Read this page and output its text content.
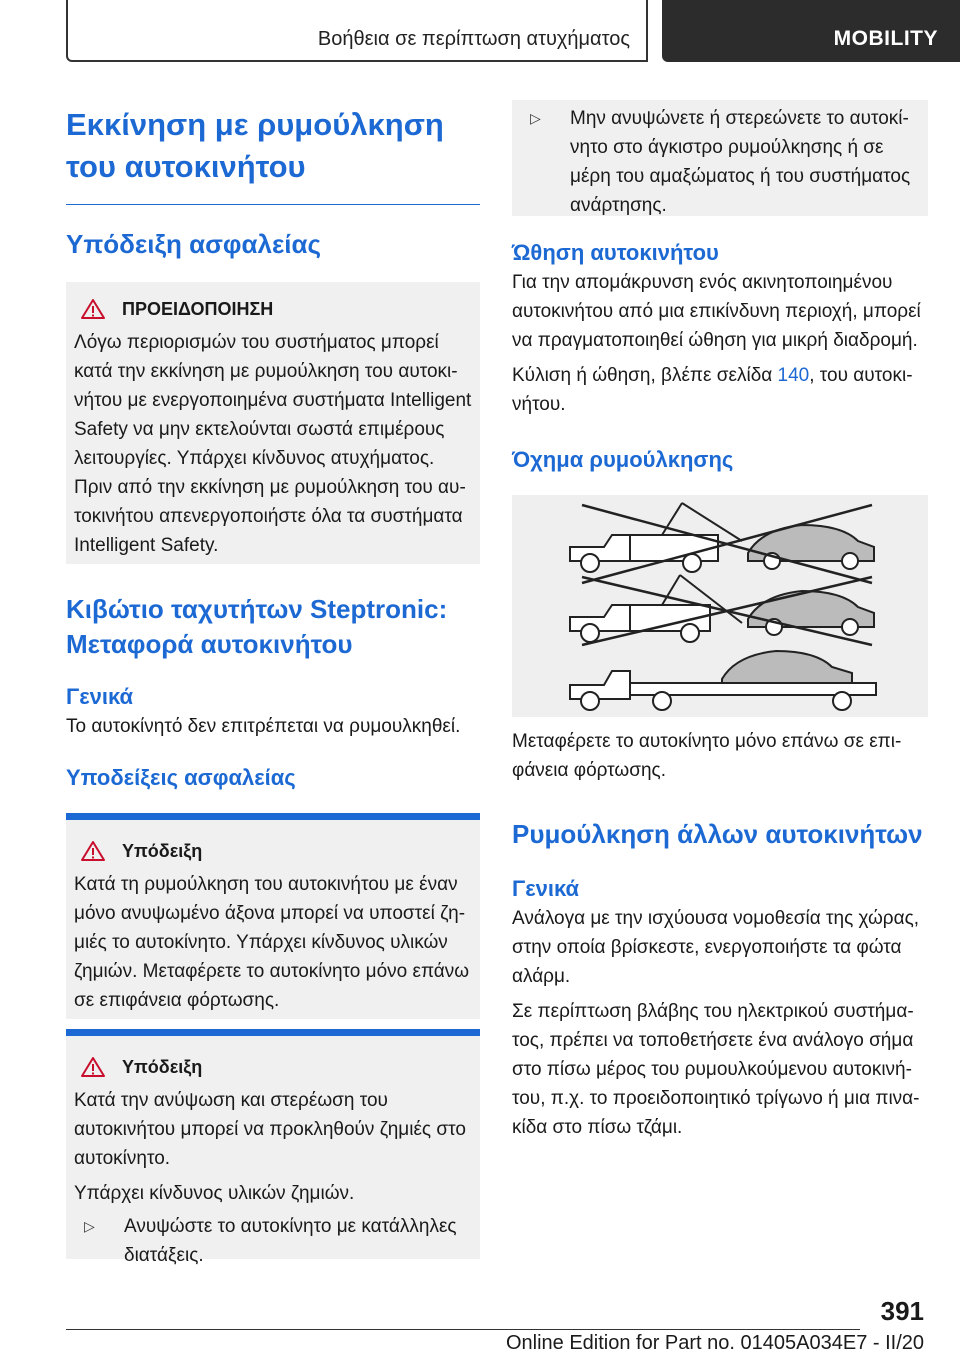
Βοήθεια σε περίπτωση ατυχήματος	MOBILITY
Εκκίνηση με ρυμούλκηση του αυτοκινήτου
Υπόδειξη ασφαλείας
ΠΡΟΕΙΔΟΠΟΙΗΣΗ

Λόγω περιορισμών του συστήματος μπορεί κατά την εκκίνηση με ρυμούλκηση του αυτοκινήτου με ενεργοποιημένα συστήματα Intelligent Safety να μην εκτελούνται σωστά επιμέρους λειτουργίες. Υπάρχει κίνδυνος ατυχήματος.

Πριν από την εκκίνηση με ρυμούλκηση του αυτοκινήτου απενεργοποιήστε όλα τα συστήματα Intelligent Safety.

Κιβώτιο ταχυτήτων Steptronic: Μεταφορά αυτοκινήτου
Γενικά

Το αυτοκίνητό δεν επιτρέπεται να ρυμουλκηθεί.

Υποδείξεις ασφαλείας
Υπόδειξη

Κατά τη ρυμούλκηση του αυτοκινήτου με έναν μόνο ανυψωμένο άξονα μπορεί να υποστεί ζημιές το αυτοκίνητο. Υπάρχει κίνδυνος υλικών ζημιών. Μεταφέρετε το αυτοκίνητο μόνο επάνω σε επιφάνεια φόρτωσης.

Υπόδειξη

Κατά την ανύψωση και στερέωση του αυτοκινήτου μπορεί να προκληθούν ζημιές στο αυτοκίνητο.

Υπάρχει κίνδυνος υλικών ζημιών.

▷ Ανυψώστε το αυτοκίνητο με κατάλληλες διατάξεις.
▷ Μην ανυψώνετε ή στερεώνετε το αυτοκίνητο στο άγκιστρο ρυμούλκησης ή σε μέρη του αμαξώματος ή του συστήματος ανάρτησης.
Ώθηση αυτοκινήτου

Για την απομάκρυνση ενός ακινητοποιημένου αυτοκινήτου από μια επικίνδυνη περιοχή, μπορεί να πραγματοποιηθεί ώθηση για μικρή διαδρομή.

Κύλιση ή ώθηση, βλέπε σελίδα 140, του αυτοκινήτου.

Όχημα ρυμούλκησης

Μεταφέρετε το αυτοκίνητο μόνο επάνω σε επιφάνεια φόρτωσης.

Ρυμούλκηση άλλων αυτοκινήτων
Γενικά

Ανάλογα με την ισχύουσα νομοθεσία της χώρας, στην οποία βρίσκεστε, ενεργοποιήστε τα φώτα αλάρμ.

Σε περίπτωση βλάβης του ηλεκτρικού συστήματος, πρέπει να τοποθετήσετε ένα ανάλογο σήμα στο πίσω μέρος του ρυμουλκούμενου αυτοκινήτου, π.χ. το προειδοποιητικό τρίγωνο ή μια πινακίδα στο πίσω τζάμι.

391
Online Edition for Part no. 01405A034E7 - II/20
